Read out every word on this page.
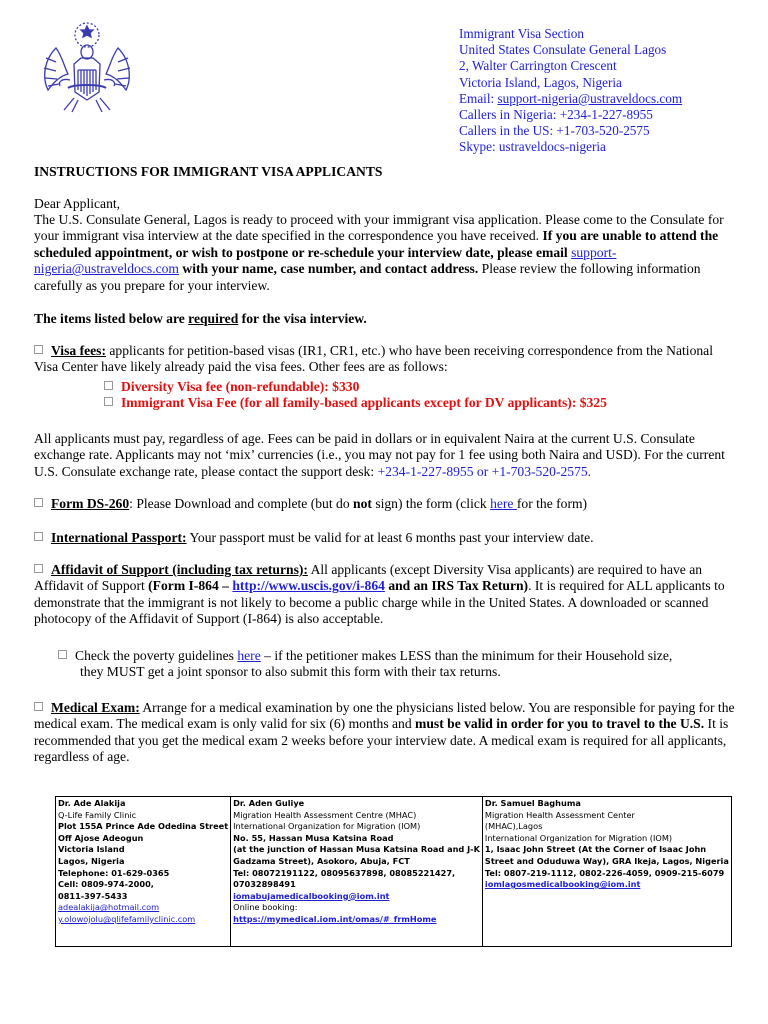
Immigrant Visa Section
United States Consulate General Lagos
2, Walter Carrington Crescent
Victoria Island, Lagos, Nigeria
Email: support-nigeria@ustraveldocs.com
Callers in Nigeria: +234-1-227-8955
Callers in the US: +1-703-520-2575
Skype: ustraveldocs-nigeria
INSTRUCTIONS FOR IMMIGRANT VISA APPLICANTS
Dear Applicant,
The U.S. Consulate General, Lagos is ready to proceed with your immigrant visa application. Please come to the Consulate for your immigrant visa interview at the date specified in the correspondence you have received. If you are unable to attend the scheduled appointment, or wish to postpone or re-schedule your interview date, please email support-nigeria@ustraveldocs.com with your name, case number, and contact address. Please review the following information carefully as you prepare for your interview.
The items listed below are required for the visa interview.
Visa fees: applicants for petition-based visas (IR1, CR1, etc.) who have been receiving correspondence from the National Visa Center have likely already paid the visa fees. Other fees are as follows:
Diversity Visa fee (non-refundable): $330
Immigrant Visa Fee (for all family-based applicants except for DV applicants): $325
All applicants must pay, regardless of age. Fees can be paid in dollars or in equivalent Naira at the current U.S. Consulate exchange rate. Applicants may not ‘mix’ currencies (i.e., you may not pay for 1 fee using both Naira and USD). For the current U.S. Consulate exchange rate, please contact the support desk: +234-1-227-8955 or +1-703-520-2575.
Form DS-260: Please Download and complete (but do not sign) the form (click here for the form)
International Passport: Your passport must be valid for at least 6 months past your interview date.
Affidavit of Support (including tax returns): All applicants (except Diversity Visa applicants) are required to have an Affidavit of Support (Form I-864 – http://www.uscis.gov/i-864 and an IRS Tax Return). It is required for ALL applicants to demonstrate that the immigrant is not likely to become a public charge while in the United States. A downloaded or scanned photocopy of the Affidavit of Support (I-864) is also acceptable.
Check the poverty guidelines here – if the petitioner makes LESS than the minimum for their Household size,
they MUST get a joint sponsor to also submit this form with their tax returns.
Medical Exam: Arrange for a medical examination by one the physicians listed below. You are responsible for paying for the medical exam. The medical exam is only valid for six (6) months and must be valid in order for you to travel to the U.S. It is recommended that you get the medical exam 2 weeks before your interview date. A medical exam is required for all applicants, regardless of age.
Dr. Ade Alakija
Q-Life Family Clinic
Plot 155A Prince Ade Odedina Street
Off Ajose Adeogun
Victoria Island
Lagos, Nigeria
Telephone: 01-629-0365
Cell: 0809-974-2000,
0811-397-5433
adealakija@hotmail.com
y.olowojolu@qlifefamilyclinic.com

Dr. Aden Guliye
Migration Health Assessment Centre (MHAC)
International Organization for Migration (IOM)
No. 55, Hassan Musa Katsina Road
(at the junction of Hassan Musa Katsina Road and J-K
Gadzama Street), Asokoro, Abuja, FCT
Tel: 08072191122, 08095637898, 08085221427,
07032898491
iomabujamedicalbooking@iom.int
Online booking:
https://mymedical.iom.int/omas/#_frmHome

Dr. Samuel Baghuma
Migration Health Assessment Center
(MHAC),Lagos
International Organization for Migration (IOM)
1, Isaac John Street (At the Corner of Isaac John
Street and Oduduwa Way), GRA Ikeja, Lagos, Nigeria
Tel: 0807-219-1112, 0802-226-4059, 0909-215-6079
iomlagosmedicalbooking@iom.int
